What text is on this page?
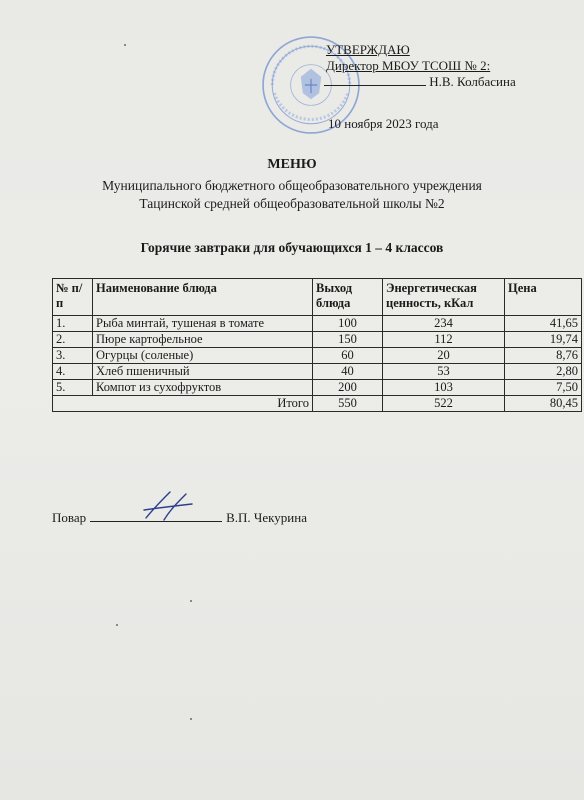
УТВЕРЖДАЮ
Директор МБОУ ТСОШ № 2:
Н.В. Колбасина
10 ноября 2023 года
МЕНЮ
Муниципального бюджетного общеобразовательного учреждения
Тацинской средней общеобразовательной школы №2
Горячие завтраки для обучающихся 1 – 4 классов
№ п/п	Наименование блюда	Выход блюда	Энергетическая ценность, кКал	Цена
1.	Рыба минтай, тушеная в томате	100	234	41,65
2.	Пюре картофельное	150	112	19,74
3.	Огурцы (соленые)	60	20	8,76
4.	Хлеб пшеничный	40	53	2,80
5.	Компот из сухофруктов	200	103	7,50
Итого		550	522	80,45
Повар	В.П. Чекурина
